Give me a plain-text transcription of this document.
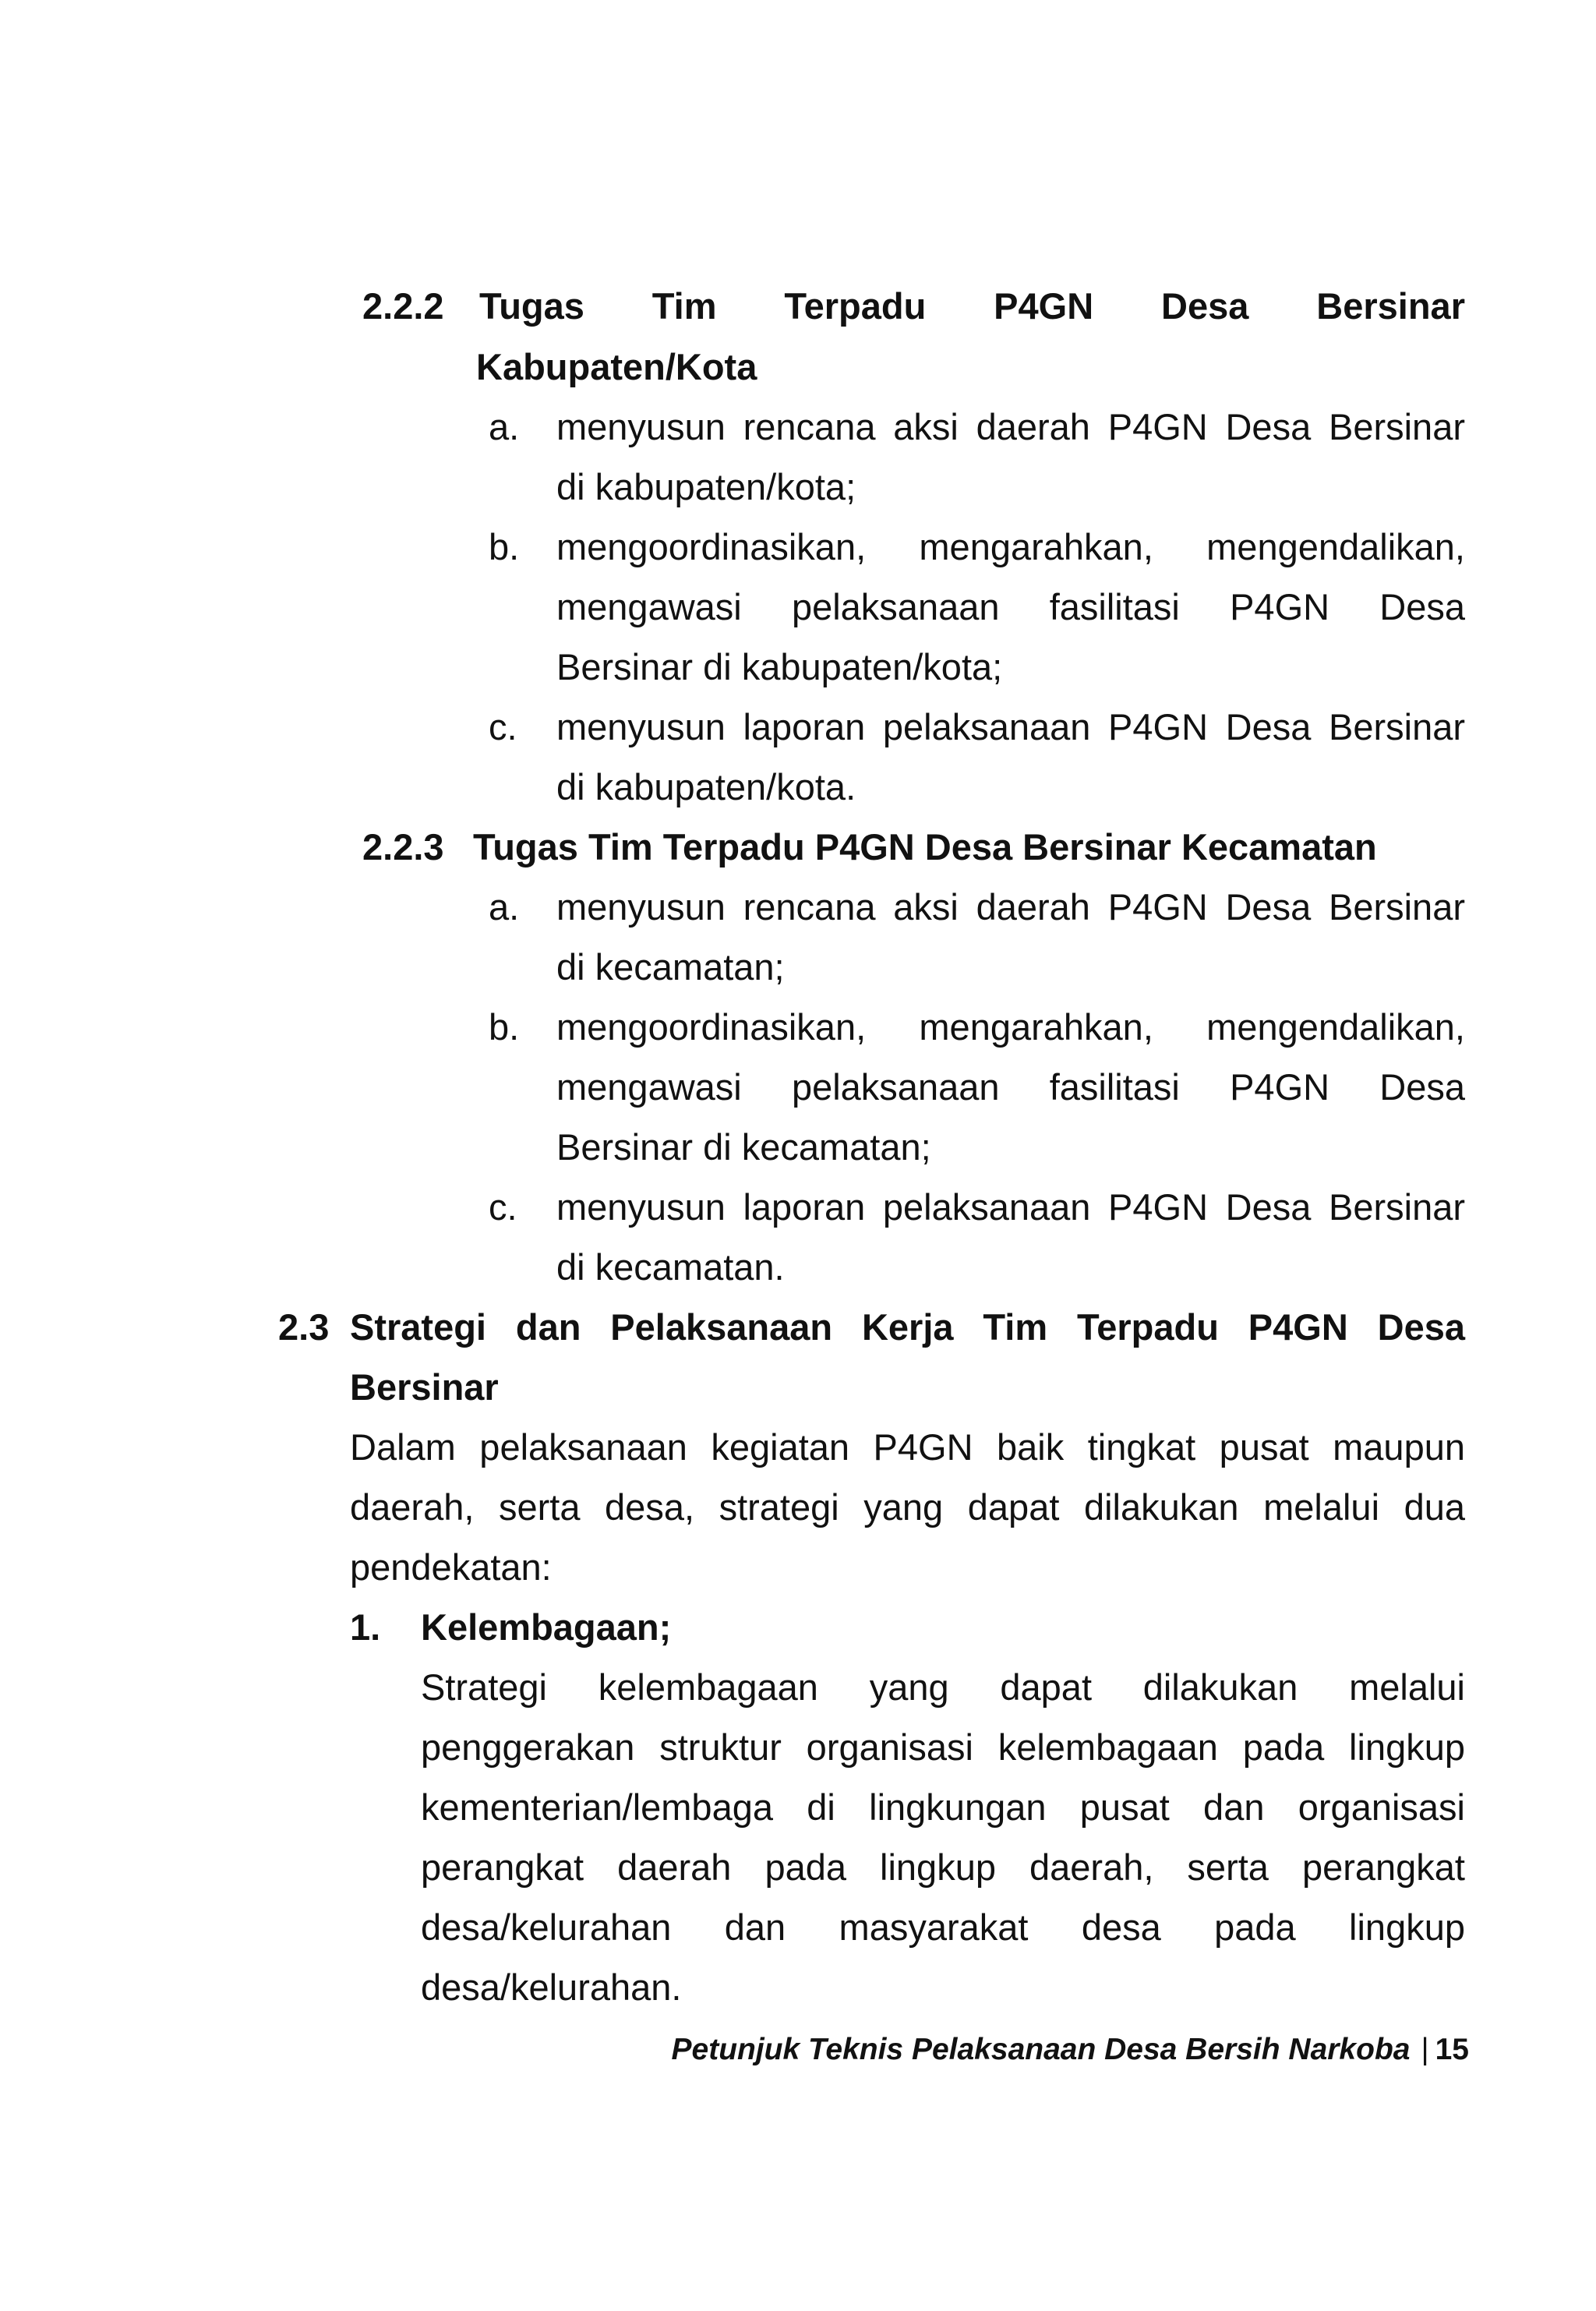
2.2.2 Tugas Tim Terpadu P4GN Desa Bersinar
Kabupaten/Kota
a. menyusun rencana aksi daerah P4GN Desa Bersinar
di kabupaten/kota;
b. mengoordinasikan, mengarahkan, mengendalikan,
mengawasi pelaksanaan fasilitasi P4GN Desa
Bersinar di kabupaten/kota;
c. menyusun laporan pelaksanaan P4GN Desa Bersinar
di kabupaten/kota.
2.2.3 Tugas Tim Terpadu P4GN Desa Bersinar Kecamatan
a. menyusun rencana aksi daerah P4GN Desa Bersinar
di kecamatan;
b. mengoordinasikan, mengarahkan, mengendalikan,
mengawasi pelaksanaan fasilitasi P4GN Desa
Bersinar di kecamatan;
c. menyusun laporan pelaksanaan P4GN Desa Bersinar
di kecamatan.
2.3 Strategi dan Pelaksanaan Kerja Tim Terpadu P4GN Desa
Bersinar
Dalam pelaksanaan kegiatan P4GN baik tingkat pusat maupun
daerah, serta desa, strategi yang dapat dilakukan melalui dua
pendekatan:
1. Kelembagaan;
Strategi kelembagaan yang dapat dilakukan melalui
penggerakan struktur organisasi kelembagaan pada lingkup
kementerian/lembaga di lingkungan pusat dan organisasi
perangkat daerah pada lingkup daerah, serta perangkat
desa/kelurahan dan masyarakat desa pada lingkup
desa/kelurahan.
Petunjuk Teknis Pelaksanaan Desa Bersih Narkoba | 15
